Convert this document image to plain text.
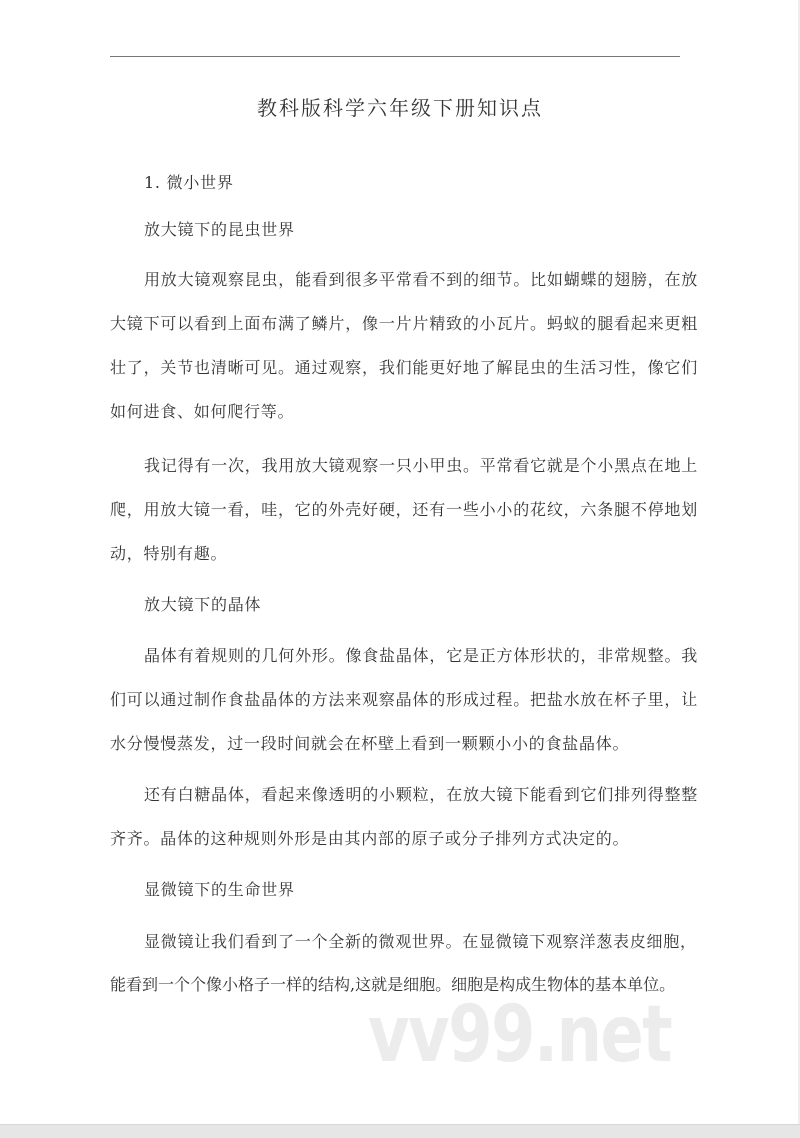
教科版科学六年级下册知识点
1. 微小世界
放大镜下的昆虫世界
用放大镜观察昆虫，能看到很多平常看不到的细节。比如蝴蝶的翅膀，在放大镜下可以看到上面布满了鳞片，像一片片精致的小瓦片。蚂蚁的腿看起来更粗壮了，关节也清晰可见。通过观察，我们能更好地了解昆虫的生活习性，像它们如何进食、如何爬行等。
我记得有一次，我用放大镜观察一只小甲虫。平常看它就是个小黑点在地上爬，用放大镜一看，哇，它的外壳好硬，还有一些小小的花纹，六条腿不停地划动，特别有趣。
放大镜下的晶体
晶体有着规则的几何外形。像食盐晶体，它是正方体形状的，非常规整。我们可以通过制作食盐晶体的方法来观察晶体的形成过程。把盐水放在杯子里，让水分慢慢蒸发，过一段时间就会在杯壁上看到一颗颗小小的食盐晶体。
还有白糖晶体，看起来像透明的小颗粒，在放大镜下能看到它们排列得整整齐齐。晶体的这种规则外形是由其内部的原子或分子排列方式决定的。
显微镜下的生命世界
显微镜让我们看到了一个全新的微观世界。在显微镜下观察洋葱表皮细胞，
能看到一个个像小格子一样的结构,这就是细胞。细胞是构成生物体的基本单位。
vv99.net
